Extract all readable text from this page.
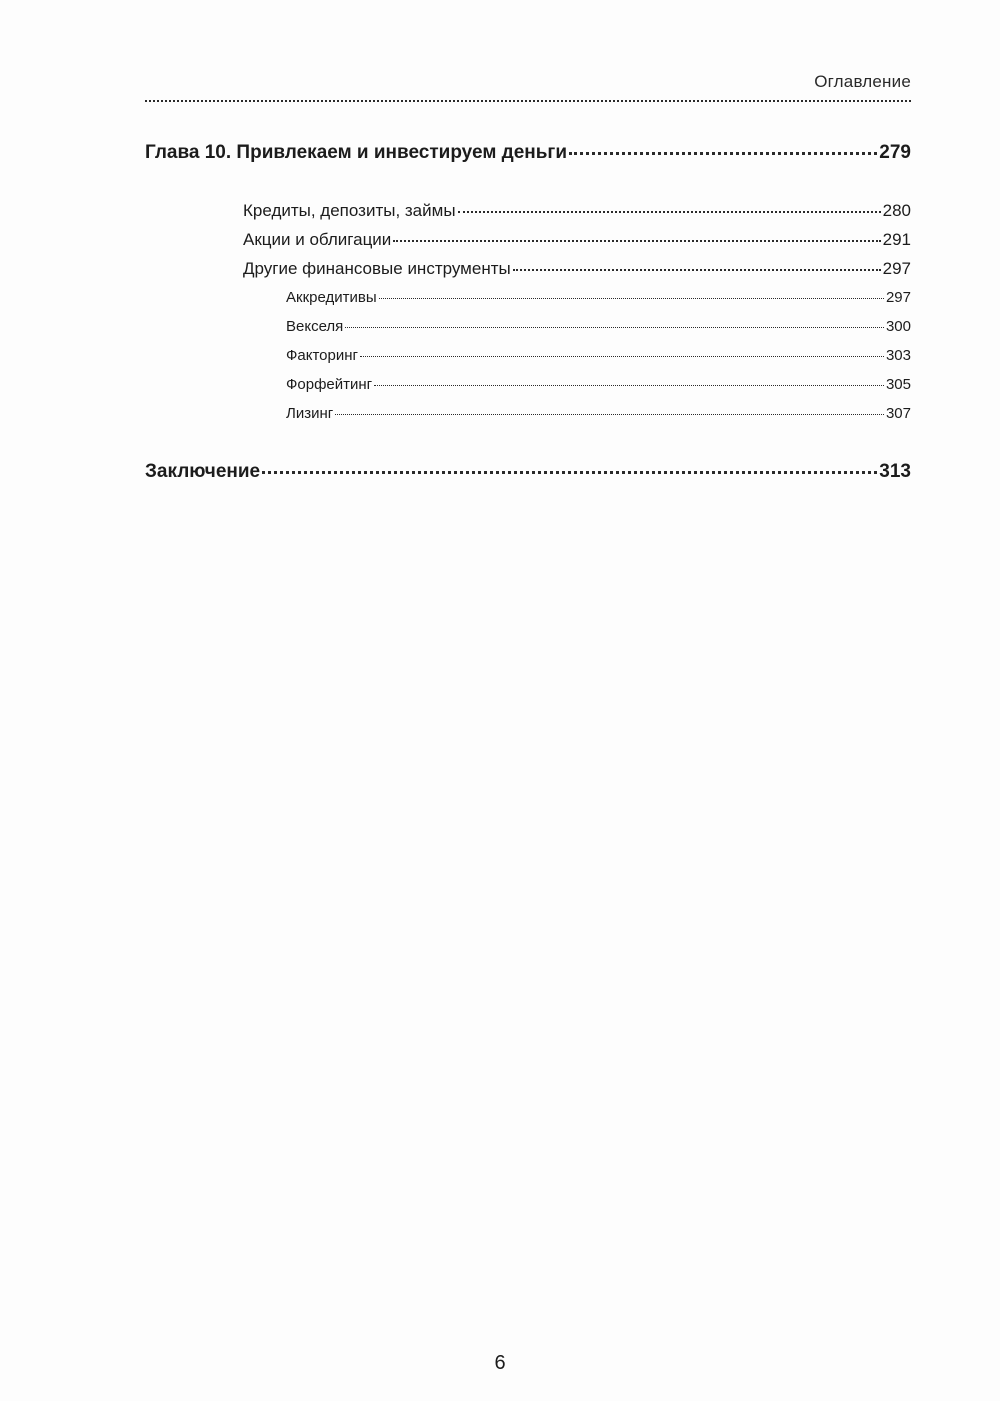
Оглавление
Глава 10. Привлекаем и инвестируем деньги	279
Кредиты, депозиты, займы	280
Акции и облигации	291
Другие финансовые инструменты	297
Аккредитивы	297
Векселя	300
Факторинг	303
Форфейтинг	305
Лизинг	307
Заключение	313
6
